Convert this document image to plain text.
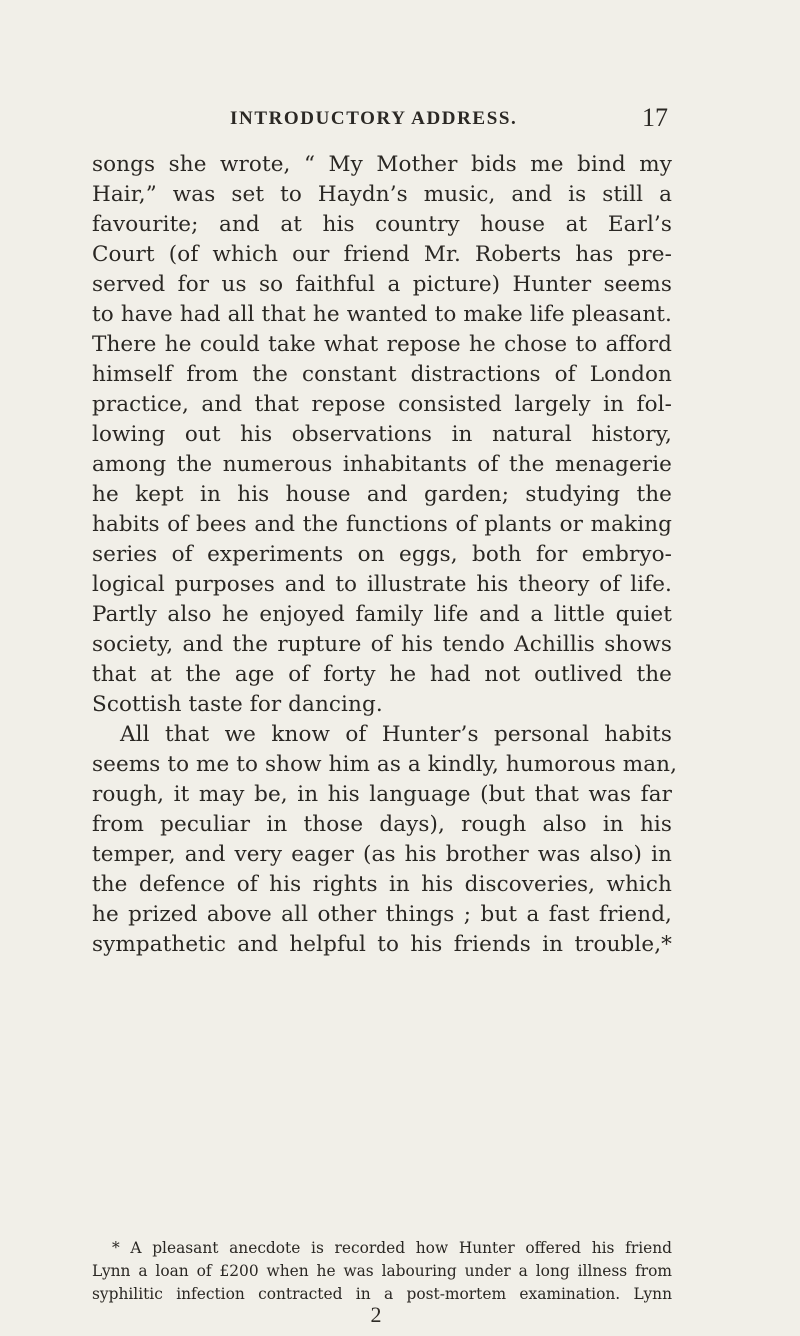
INTRODUCTORY ADDRESS.	17
songs she wrote, “ My Mother bids me bind my
Hair,” was set to Haydn’s music, and is still a
favourite; and at his country house at Earl’s
Court (of which our friend Mr. Roberts has pre-
served for us so faithful a picture) Hunter seems
to have had all that he wanted to make life pleasant.
There he could take what repose he chose to afford
himself from the constant distractions of London
practice, and that repose consisted largely in fol-
lowing out his observations in natural history,
among the numerous inhabitants of the menagerie
he kept in his house and garden; studying the
habits of bees and the functions of plants or making
series of experiments on eggs, both for embryo-
logical purposes and to illustrate his theory of life.
Partly also he enjoyed family life and a little quiet
society, and the rupture of his tendo Achillis shows
that at the age of forty he had not outlived the
Scottish taste for dancing.
All that we know of Hunter’s personal habits
seems to me to show him as a kindly, humorous man,
rough, it may be, in his language (but that was far
from peculiar in those days), rough also in his
temper, and very eager (as his brother was also) in
the defence of his rights in his discoveries, which
he prized above all other things ; but a fast friend,
sympathetic and helpful to his friends in trouble,*
* A pleasant anecdote is recorded how Hunter offered his friend
Lynn a loan of £200 when he was labouring under a long illness from
syphilitic infection contracted in a post-mortem examination. Lynn
2
